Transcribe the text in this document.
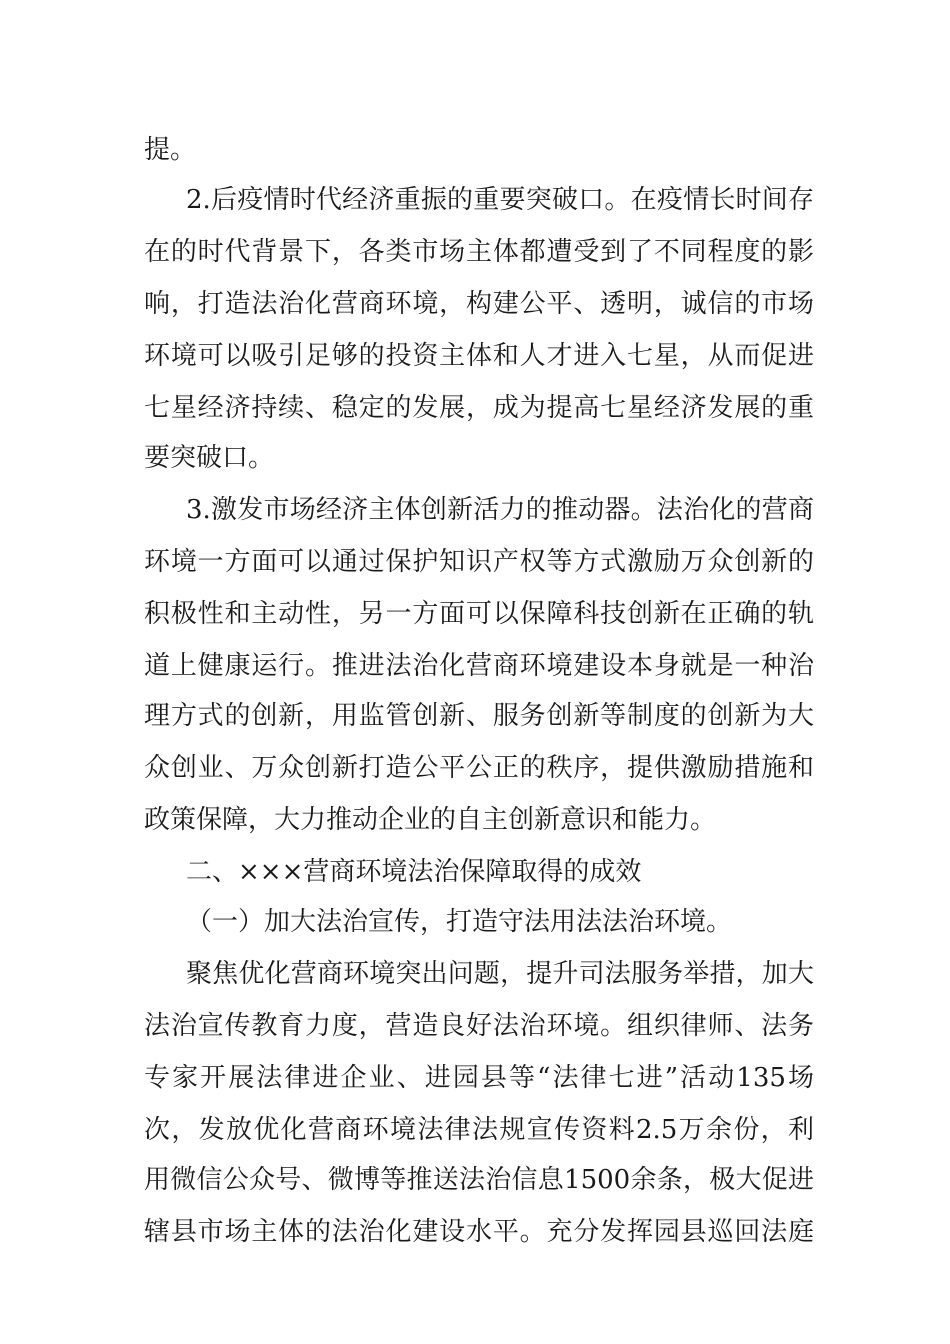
提。
2.后疫情时代经济重振的重要突破口。在疫情长时间存
在的时代背景下，各类市场主体都遭受到了不同程度的影
响，打造法治化营商环境，构建公平、透明，诚信的市场
环境可以吸引足够的投资主体和人才进入七星，从而促进
七星经济持续、稳定的发展，成为提高七星经济发展的重
要突破口。
3.激发市场经济主体创新活力的推动器。法治化的营商
环境一方面可以通过保护知识产权等方式激励万众创新的
积极性和主动性，另一方面可以保障科技创新在正确的轨
道上健康运行。推进法治化营商环境建设本身就是一种治
理方式的创新，用监管创新、服务创新等制度的创新为大
众创业、万众创新打造公平公正的秩序，提供激励措施和
政策保障，大力推动企业的自主创新意识和能力。
二、×××营商环境法治保障取得的成效
（一）加大法治宣传，打造守法用法法治环境。
聚焦优化营商环境突出问题，提升司法服务举措，加大
法治宣传教育力度，营造良好法治环境。组织律师、法务
专家开展法律进企业、进园县等“法律七进”活动135场
次，发放优化营商环境法律法规宣传资料2.5万余份，利
用微信公众号、微博等推送法治信息1500余条，极大促进
辖县市场主体的法治化建设水平。充分发挥园县巡回法庭
